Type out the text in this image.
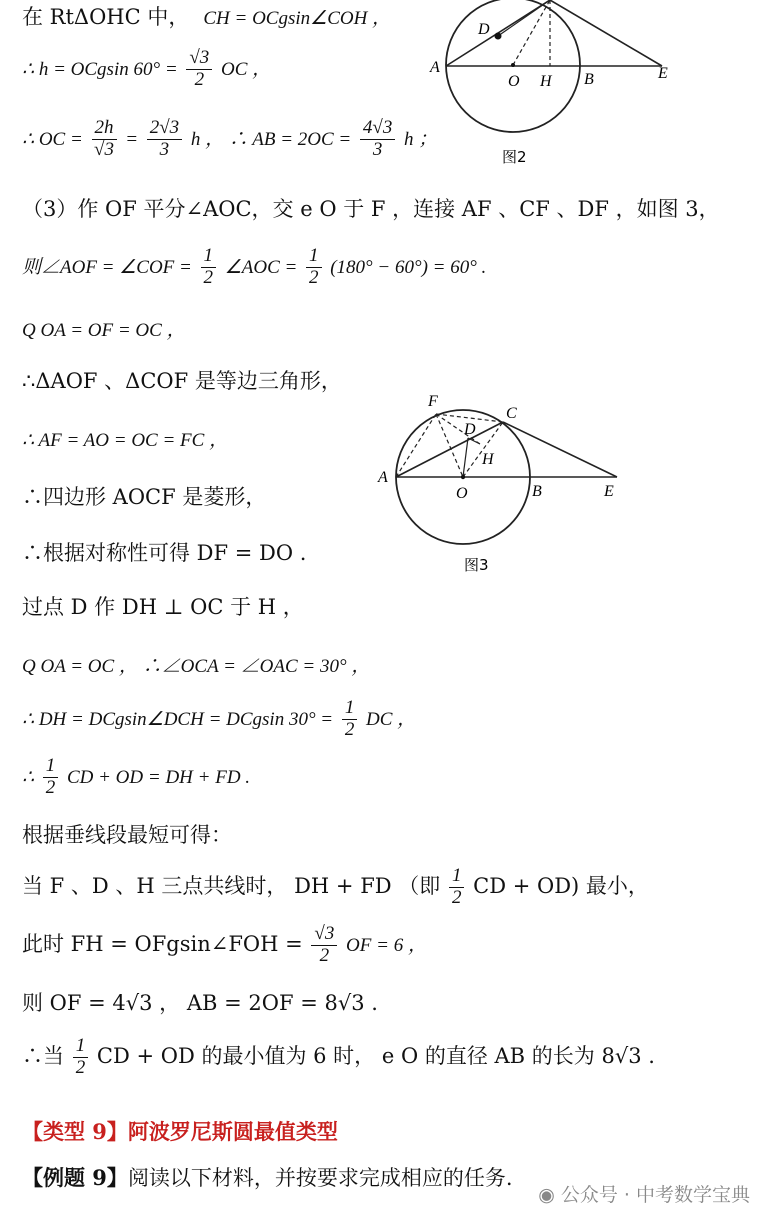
在 RtΔOHC 中， CH = OCgsin∠COH ，
∴ h = OCgsin $60^\circ = \frac{√3}{2}$ OC ，
∴ OC = $\frac{2h}{√3} = \frac{2√3}{3}$ h ， ∴ AB = $2OC = \frac{4√3}{3}$ h ；
A
D
O H B	E
图2
（3）作 OF 平分∠AOC，交 e O 于 F ，连接 AF 、CF 、DF ，如图 3，
则∠AOF = ∠COF = $\frac{1}{2}$ ∠AOC = $\frac{1}{2} (180^\circ - 60^\circ) = 60^\circ$ .
Q OA = OF = OC ，
∴ΔAOF 、ΔCOF 是等边三角形，
∴ AF = AO = OC = FC ，
∴四边形 AOCF 是菱形，
∴根据对称性可得 DF = DO .
F
C
D
H
A
O	B	E
图3
过点 D 作 DH ⊥ OC 于 H ，
Q OA = OC ， ∴∠OCA = ∠OAC = 30° ，
∴ DH = DCgsin∠DCH = DCgsin $30^\circ = \frac{1}{2}$ DC ，
∴ $\frac{1}{2}$ CD + OD = DH + FD .
根据垂线段最短可得：
当 F 、D 、H 三点共线时， DH + FD （即 $\frac{1}{2}$ CD + OD) 最小，
此时 FH = OFgsin∠FOH = $\frac{√3}{2}$ OF = 6 ，
则 OF = 4√3 ， AB = 2OF = 8√3 .
∴当 $\frac{1}{2}$ CD + OD 的最小值为 6 时， e O 的直径 AB 的长为 8√3 .
【类型 9】阿波罗尼斯圆最值类型
【例题 9】阅读以下材料，并按要求完成相应的任务.
◉ 公众号 · 中考数学宝典
